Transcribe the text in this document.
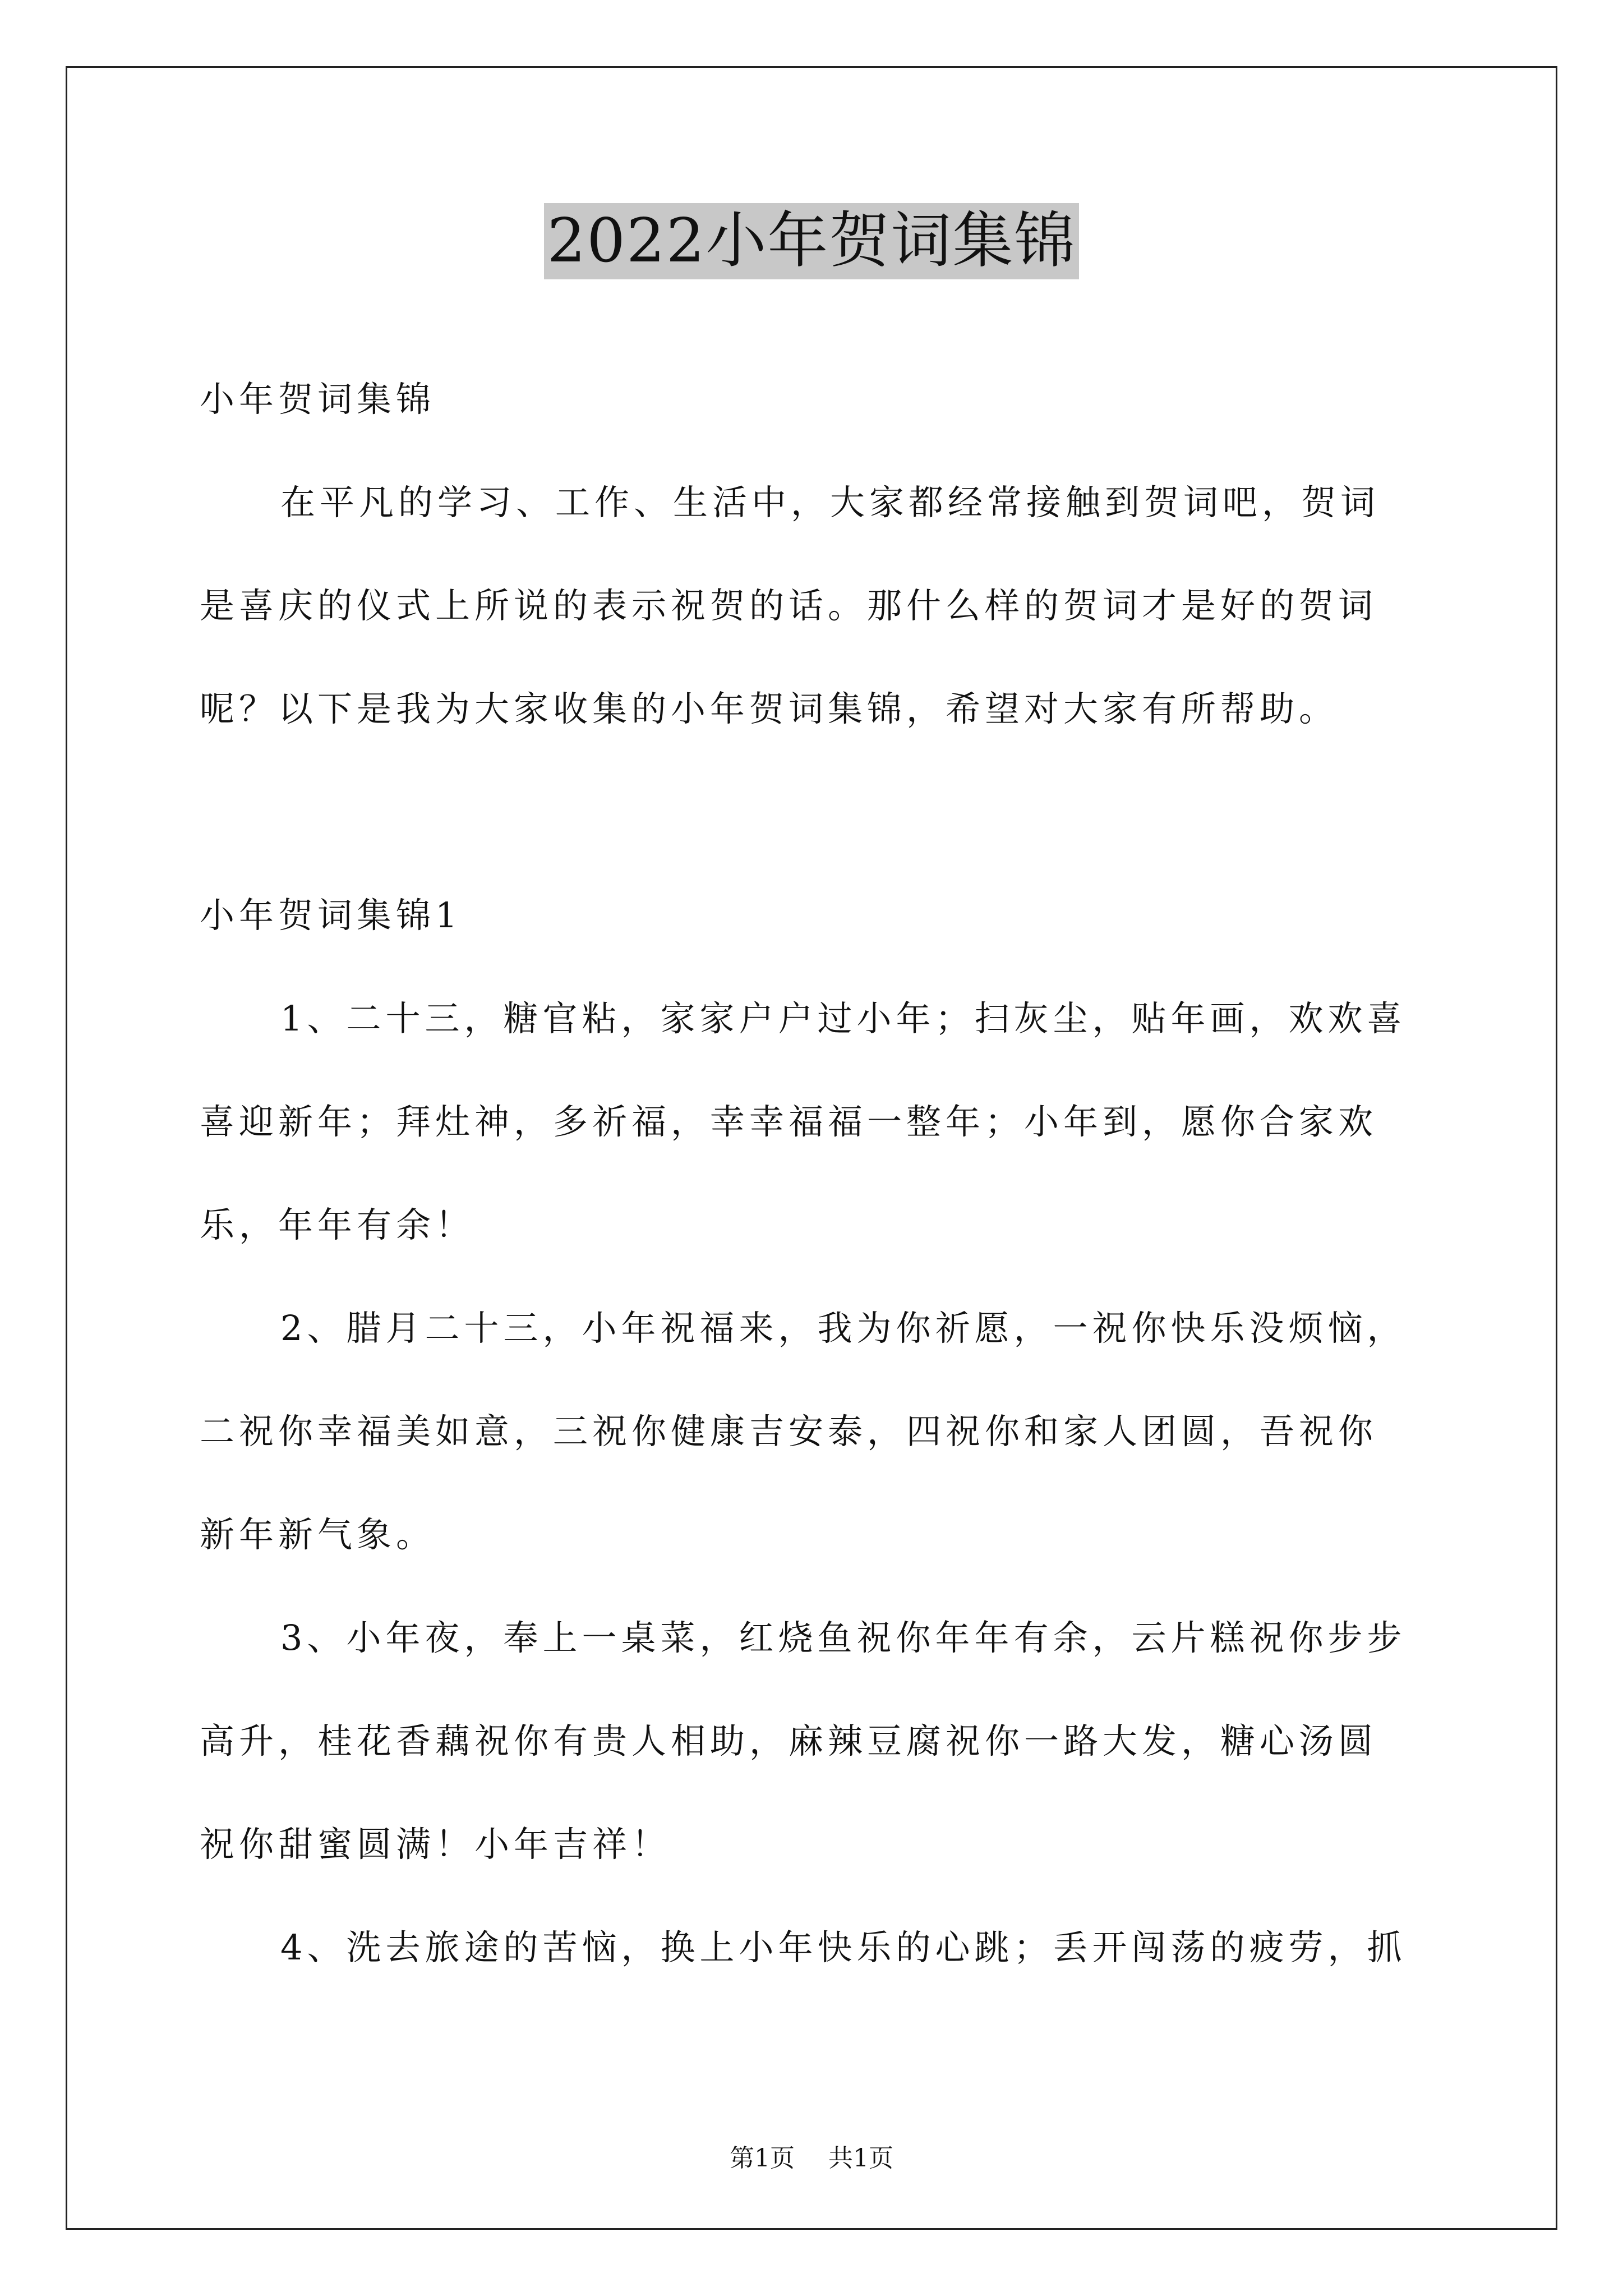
2022小年贺词集锦

小年贺词集锦

在平凡的学习、工作、生活中，大家都经常接触到贺词吧，贺词
是喜庆的仪式上所说的表示祝贺的话。那什么样的贺词才是好的贺词
呢？以下是我为大家收集的小年贺词集锦，希望对大家有所帮助。

小年贺词集锦1

1、二十三，糖官粘，家家户户过小年；扫灰尘，贴年画，欢欢喜
喜迎新年；拜灶神，多祈福，幸幸福福一整年；小年到，愿你合家欢
乐，年年有余！

2、腊月二十三，小年祝福来，我为你祈愿，一祝你快乐没烦恼，
二祝你幸福美如意，三祝你健康吉安泰，四祝你和家人团圆，吾祝你
新年新气象。

3、小年夜，奉上一桌菜，红烧鱼祝你年年有余，云片糕祝你步步
高升，桂花香藕祝你有贵人相助，麻辣豆腐祝你一路大发，糖心汤圆
祝你甜蜜圆满！小年吉祥！

4、洗去旅途的苦恼，换上小年快乐的心跳；丢开闯荡的疲劳，抓

第1页 共1页
